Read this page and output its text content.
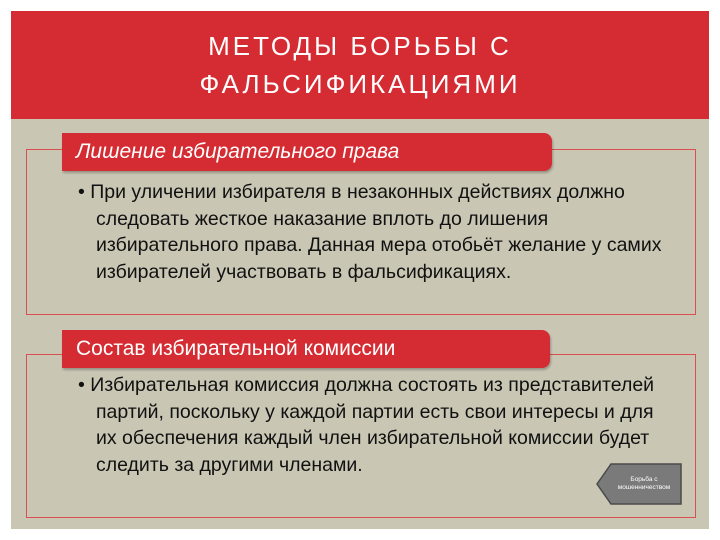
МЕТОДЫ БОРЬБЫ С
ФАЛЬСИФИКАЦИЯМИ
Лишение избирательного права
• При уличении избирателя в незаконных действиях должно следовать жесткое наказание вплоть до лишения избирательного права. Данная мера отобьёт желание у самих избирателей участвовать в фальсификациях.
Состав избирательной комиссии
• Избирательная комиссия должна состоять из представителей партий, поскольку у каждой партии есть свои интересы и для их обеспечения каждый член избирательной комиссии будет следить за другими членами.
Борьба с
мошенничеством
